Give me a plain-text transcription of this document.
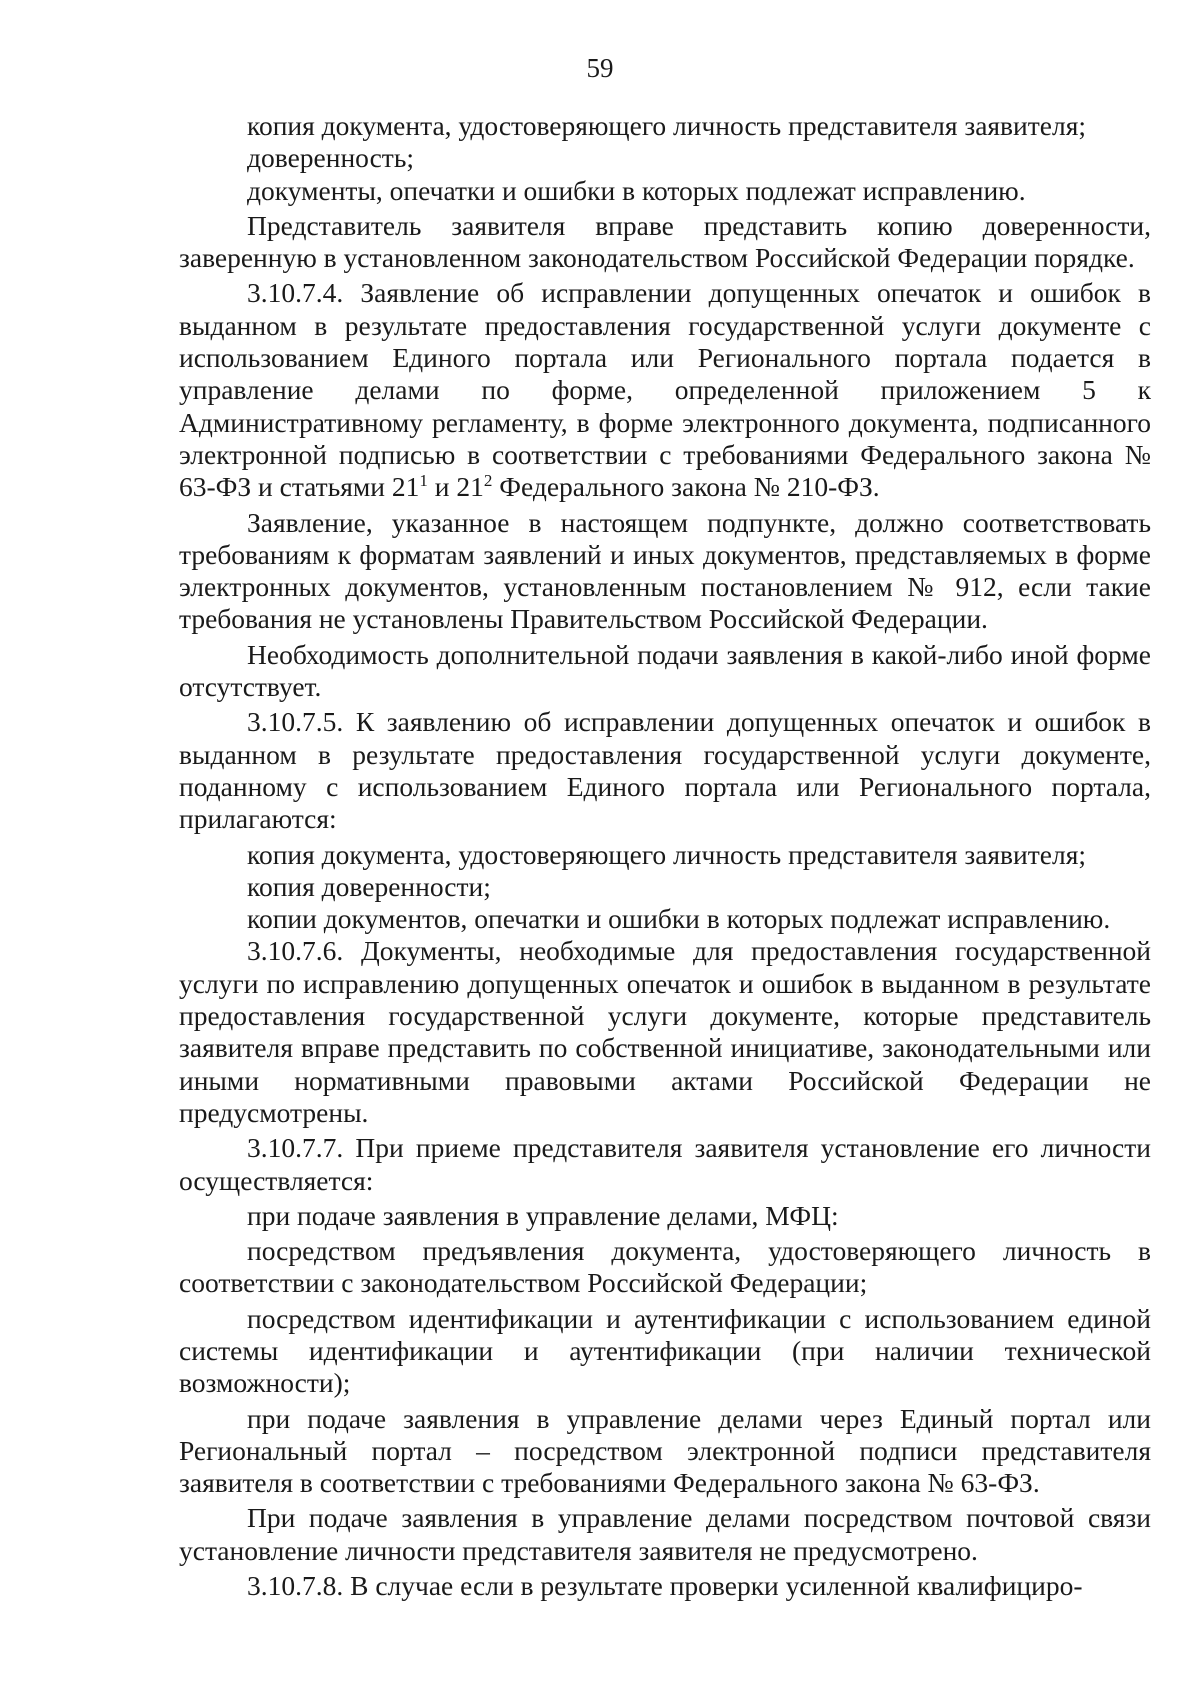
59

копия документа, удостоверяющего личность представителя заявителя;

доверенность;

документы, опечатки и ошибки в которых подлежат исправлению.

Представитель заявителя вправе представить копию доверенности, заверенную в установленном законодательством Российской Федерации порядке.

3.10.7.4. Заявление об исправлении допущенных опечаток и ошибок в выданном в результате предоставления государственной услуги документе с использованием Единого портала или Регионального портала подается в управление делами по форме, определенной приложением 5 к Административному регламенту, в форме электронного документа, подписанного электронной подписью в соответствии с требованиями Федерального закона № 63-ФЗ и статьями $21^1$ и $21^2$ Федерального закона № 210-ФЗ.

Заявление, указанное в настоящем подпункте, должно соответствовать требованиям к форматам заявлений и иных документов, представляемых в форме электронных документов, установленным постановлением № 912, если такие требования не установлены Правительством Российской Федерации.

Необходимость дополнительной подачи заявления в какой-либо иной форме отсутствует.

3.10.7.5. К заявлению об исправлении допущенных опечаток и ошибок в выданном в результате предоставления государственной услуги документе, поданному с использованием Единого портала или Регионального портала, прилагаются:

копия документа, удостоверяющего личность представителя заявителя;

копия доверенности;

копии документов, опечатки и ошибки в которых подлежат исправлению.

3.10.7.6. Документы, необходимые для предоставления государственной услуги по исправлению допущенных опечаток и ошибок в выданном в результате предоставления государственной услуги документе, которые представитель заявителя вправе представить по собственной инициативе, законодательными или иными нормативными правовыми актами Российской Федерации не предусмотрены.

3.10.7.7. При приеме представителя заявителя установление его личности осуществляется:

при подаче заявления в управление делами, МФЦ:

посредством предъявления документа, удостоверяющего личность в соответствии с законодательством Российской Федерации;

посредством идентификации и аутентификации с использованием единой системы идентификации и аутентификации (при наличии технической возможности);

при подаче заявления в управление делами через Единый портал или Региональный портал – посредством электронной подписи представителя заявителя в соответствии с требованиями Федерального закона № 63-ФЗ.

При подаче заявления в управление делами посредством почтовой связи установление личности представителя заявителя не предусмотрено.

3.10.7.8. В случае если в результате проверки усиленной квалифициро-
